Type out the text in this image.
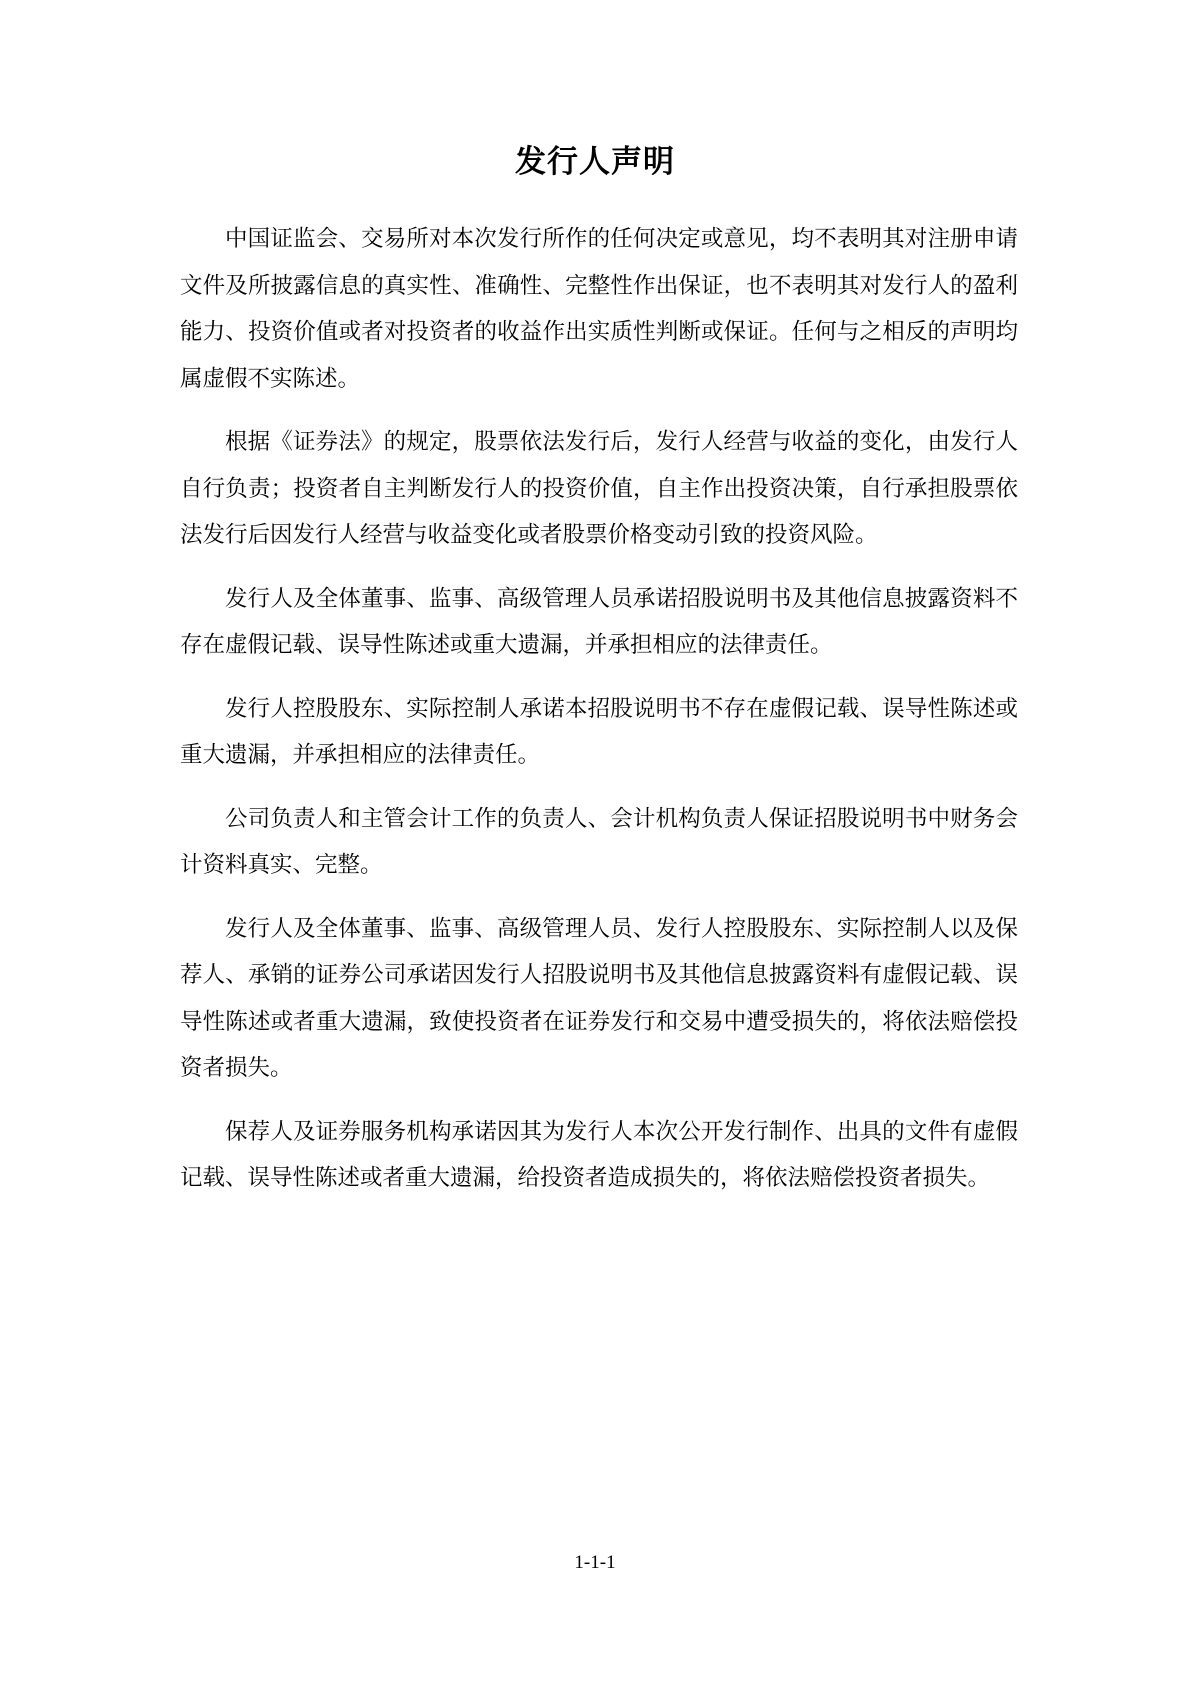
发行人声明

中国证监会、交易所对本次发行所作的任何决定或意见，均不表明其对注册申请文件及所披露信息的真实性、准确性、完整性作出保证，也不表明其对发行人的盈利能力、投资价值或者对投资者的收益作出实质性判断或保证。任何与之相反的声明均属虚假不实陈述。

根据《证券法》的规定，股票依法发行后，发行人经营与收益的变化，由发行人自行负责；投资者自主判断发行人的投资价值，自主作出投资决策，自行承担股票依法发行后因发行人经营与收益变化或者股票价格变动引致的投资风险。

发行人及全体董事、监事、高级管理人员承诺招股说明书及其他信息披露资料不存在虚假记载、误导性陈述或重大遗漏，并承担相应的法律责任。

发行人控股股东、实际控制人承诺本招股说明书不存在虚假记载、误导性陈述或重大遗漏，并承担相应的法律责任。

公司负责人和主管会计工作的负责人、会计机构负责人保证招股说明书中财务会计资料真实、完整。

发行人及全体董事、监事、高级管理人员、发行人控股股东、实际控制人以及保荐人、承销的证券公司承诺因发行人招股说明书及其他信息披露资料有虚假记载、误导性陈述或者重大遗漏，致使投资者在证券发行和交易中遭受损失的，将依法赔偿投资者损失。

保荐人及证券服务机构承诺因其为发行人本次公开发行制作、出具的文件有虚假记载、误导性陈述或者重大遗漏，给投资者造成损失的，将依法赔偿投资者损失。

1-1-1
